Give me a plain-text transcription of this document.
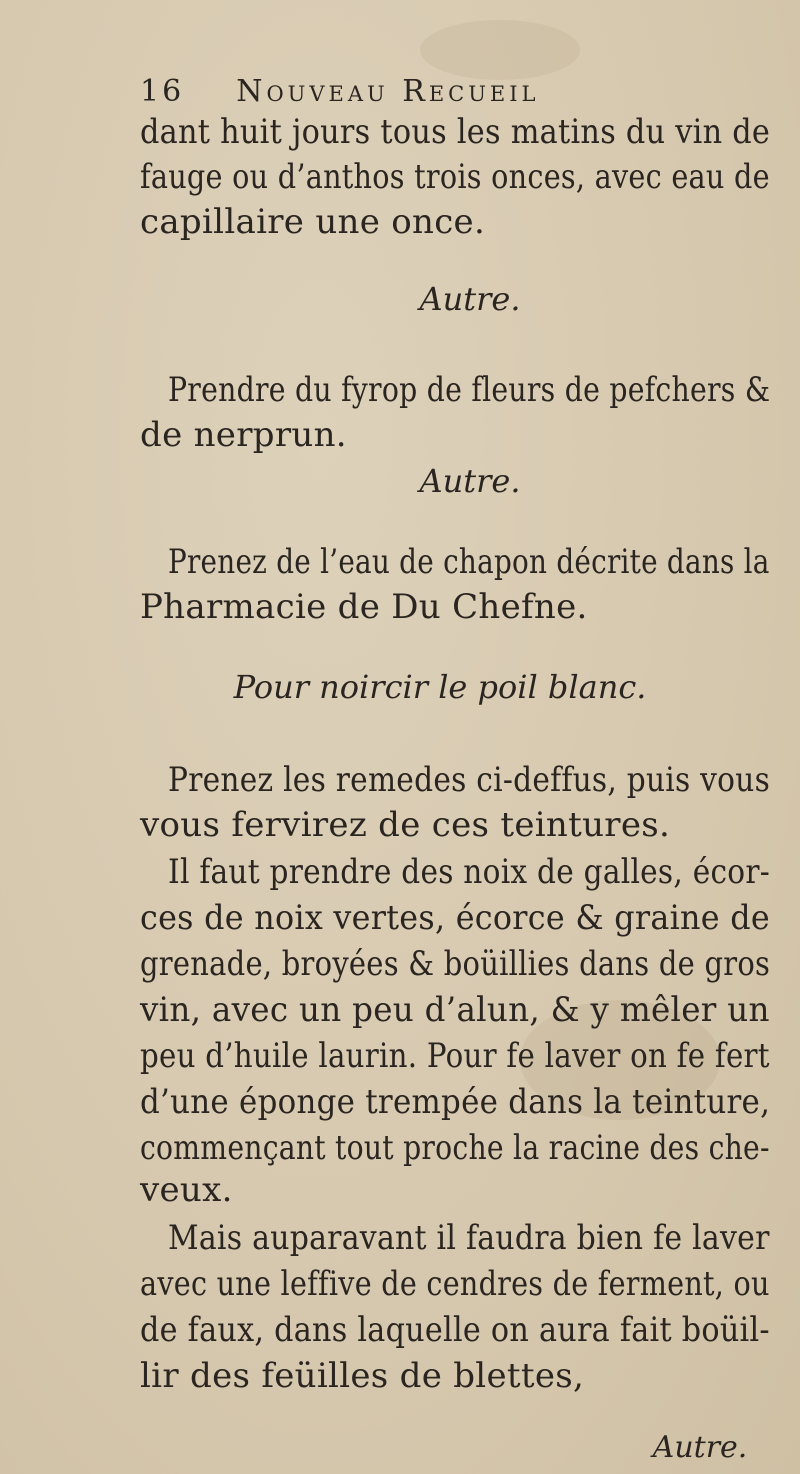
16 Nouveau Recueil
dant huit jours tous les matins du vin de
fauge ou d’anthos trois onces, avec eau de
capillaire une once.
Autre.
Prendre du fyrop de fleurs de pefchers &
de nerprun.
Autre.
Prenez de l’eau de chapon décrite dans la
Pharmacie de Du Chefne.
Pour noircir le poil blanc.
Prenez les remedes ci-deffus, puis vous
vous fervirez de ces teintures.
Il faut prendre des noix de galles, écor-
ces de noix vertes, écorce & graine de
grenade, broyées & boüillies dans de gros
vin, avec un peu d’alun, & y mêler un
peu d’huile laurin. Pour fe laver on fe fert
d’une éponge trempée dans la teinture,
commençant tout proche la racine des che-
veux.
Mais auparavant il faudra bien fe laver
avec une leffive de cendres de ferment, ou
de faux, dans laquelle on aura fait boüil-
lir des feüilles de blettes,
Autre.
